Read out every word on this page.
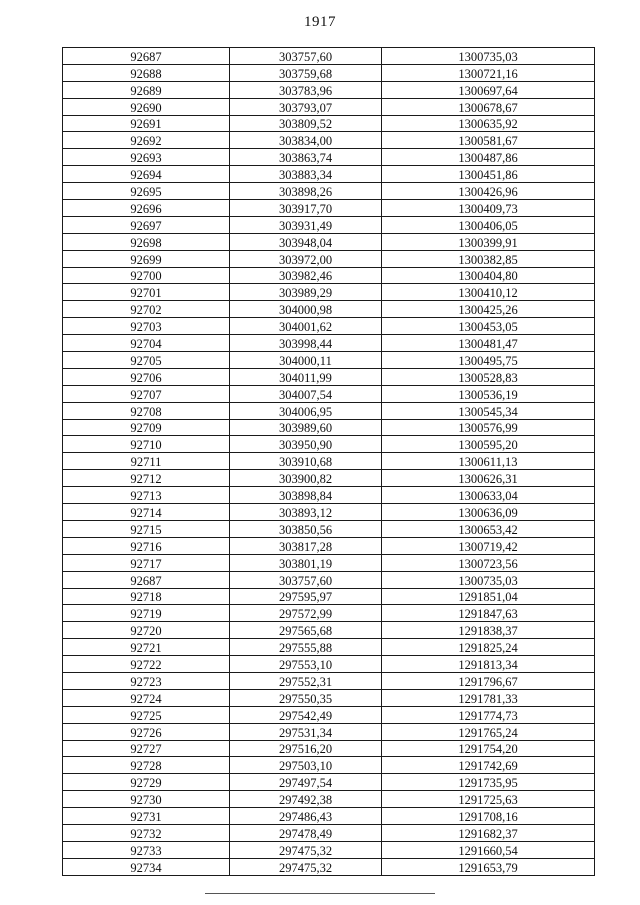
1917
92687	303757,60	1300735,03
92688	303759,68	1300721,16
92689	303783,96	1300697,64
92690	303793,07	1300678,67
92691	303809,52	1300635,92
92692	303834,00	1300581,67
92693	303863,74	1300487,86
92694	303883,34	1300451,86
92695	303898,26	1300426,96
92696	303917,70	1300409,73
92697	303931,49	1300406,05
92698	303948,04	1300399,91
92699	303972,00	1300382,85
92700	303982,46	1300404,80
92701	303989,29	1300410,12
92702	304000,98	1300425,26
92703	304001,62	1300453,05
92704	303998,44	1300481,47
92705	304000,11	1300495,75
92706	304011,99	1300528,83
92707	304007,54	1300536,19
92708	304006,95	1300545,34
92709	303989,60	1300576,99
92710	303950,90	1300595,20
92711	303910,68	1300611,13
92712	303900,82	1300626,31
92713	303898,84	1300633,04
92714	303893,12	1300636,09
92715	303850,56	1300653,42
92716	303817,28	1300719,42
92717	303801,19	1300723,56
92687	303757,60	1300735,03
92718	297595,97	1291851,04
92719	297572,99	1291847,63
92720	297565,68	1291838,37
92721	297555,88	1291825,24
92722	297553,10	1291813,34
92723	297552,31	1291796,67
92724	297550,35	1291781,33
92725	297542,49	1291774,73
92726	297531,34	1291765,24
92727	297516,20	1291754,20
92728	297503,10	1291742,69
92729	297497,54	1291735,95
92730	297492,38	1291725,63
92731	297486,43	1291708,16
92732	297478,49	1291682,37
92733	297475,32	1291660,54
92734	297475,32	1291653,79
